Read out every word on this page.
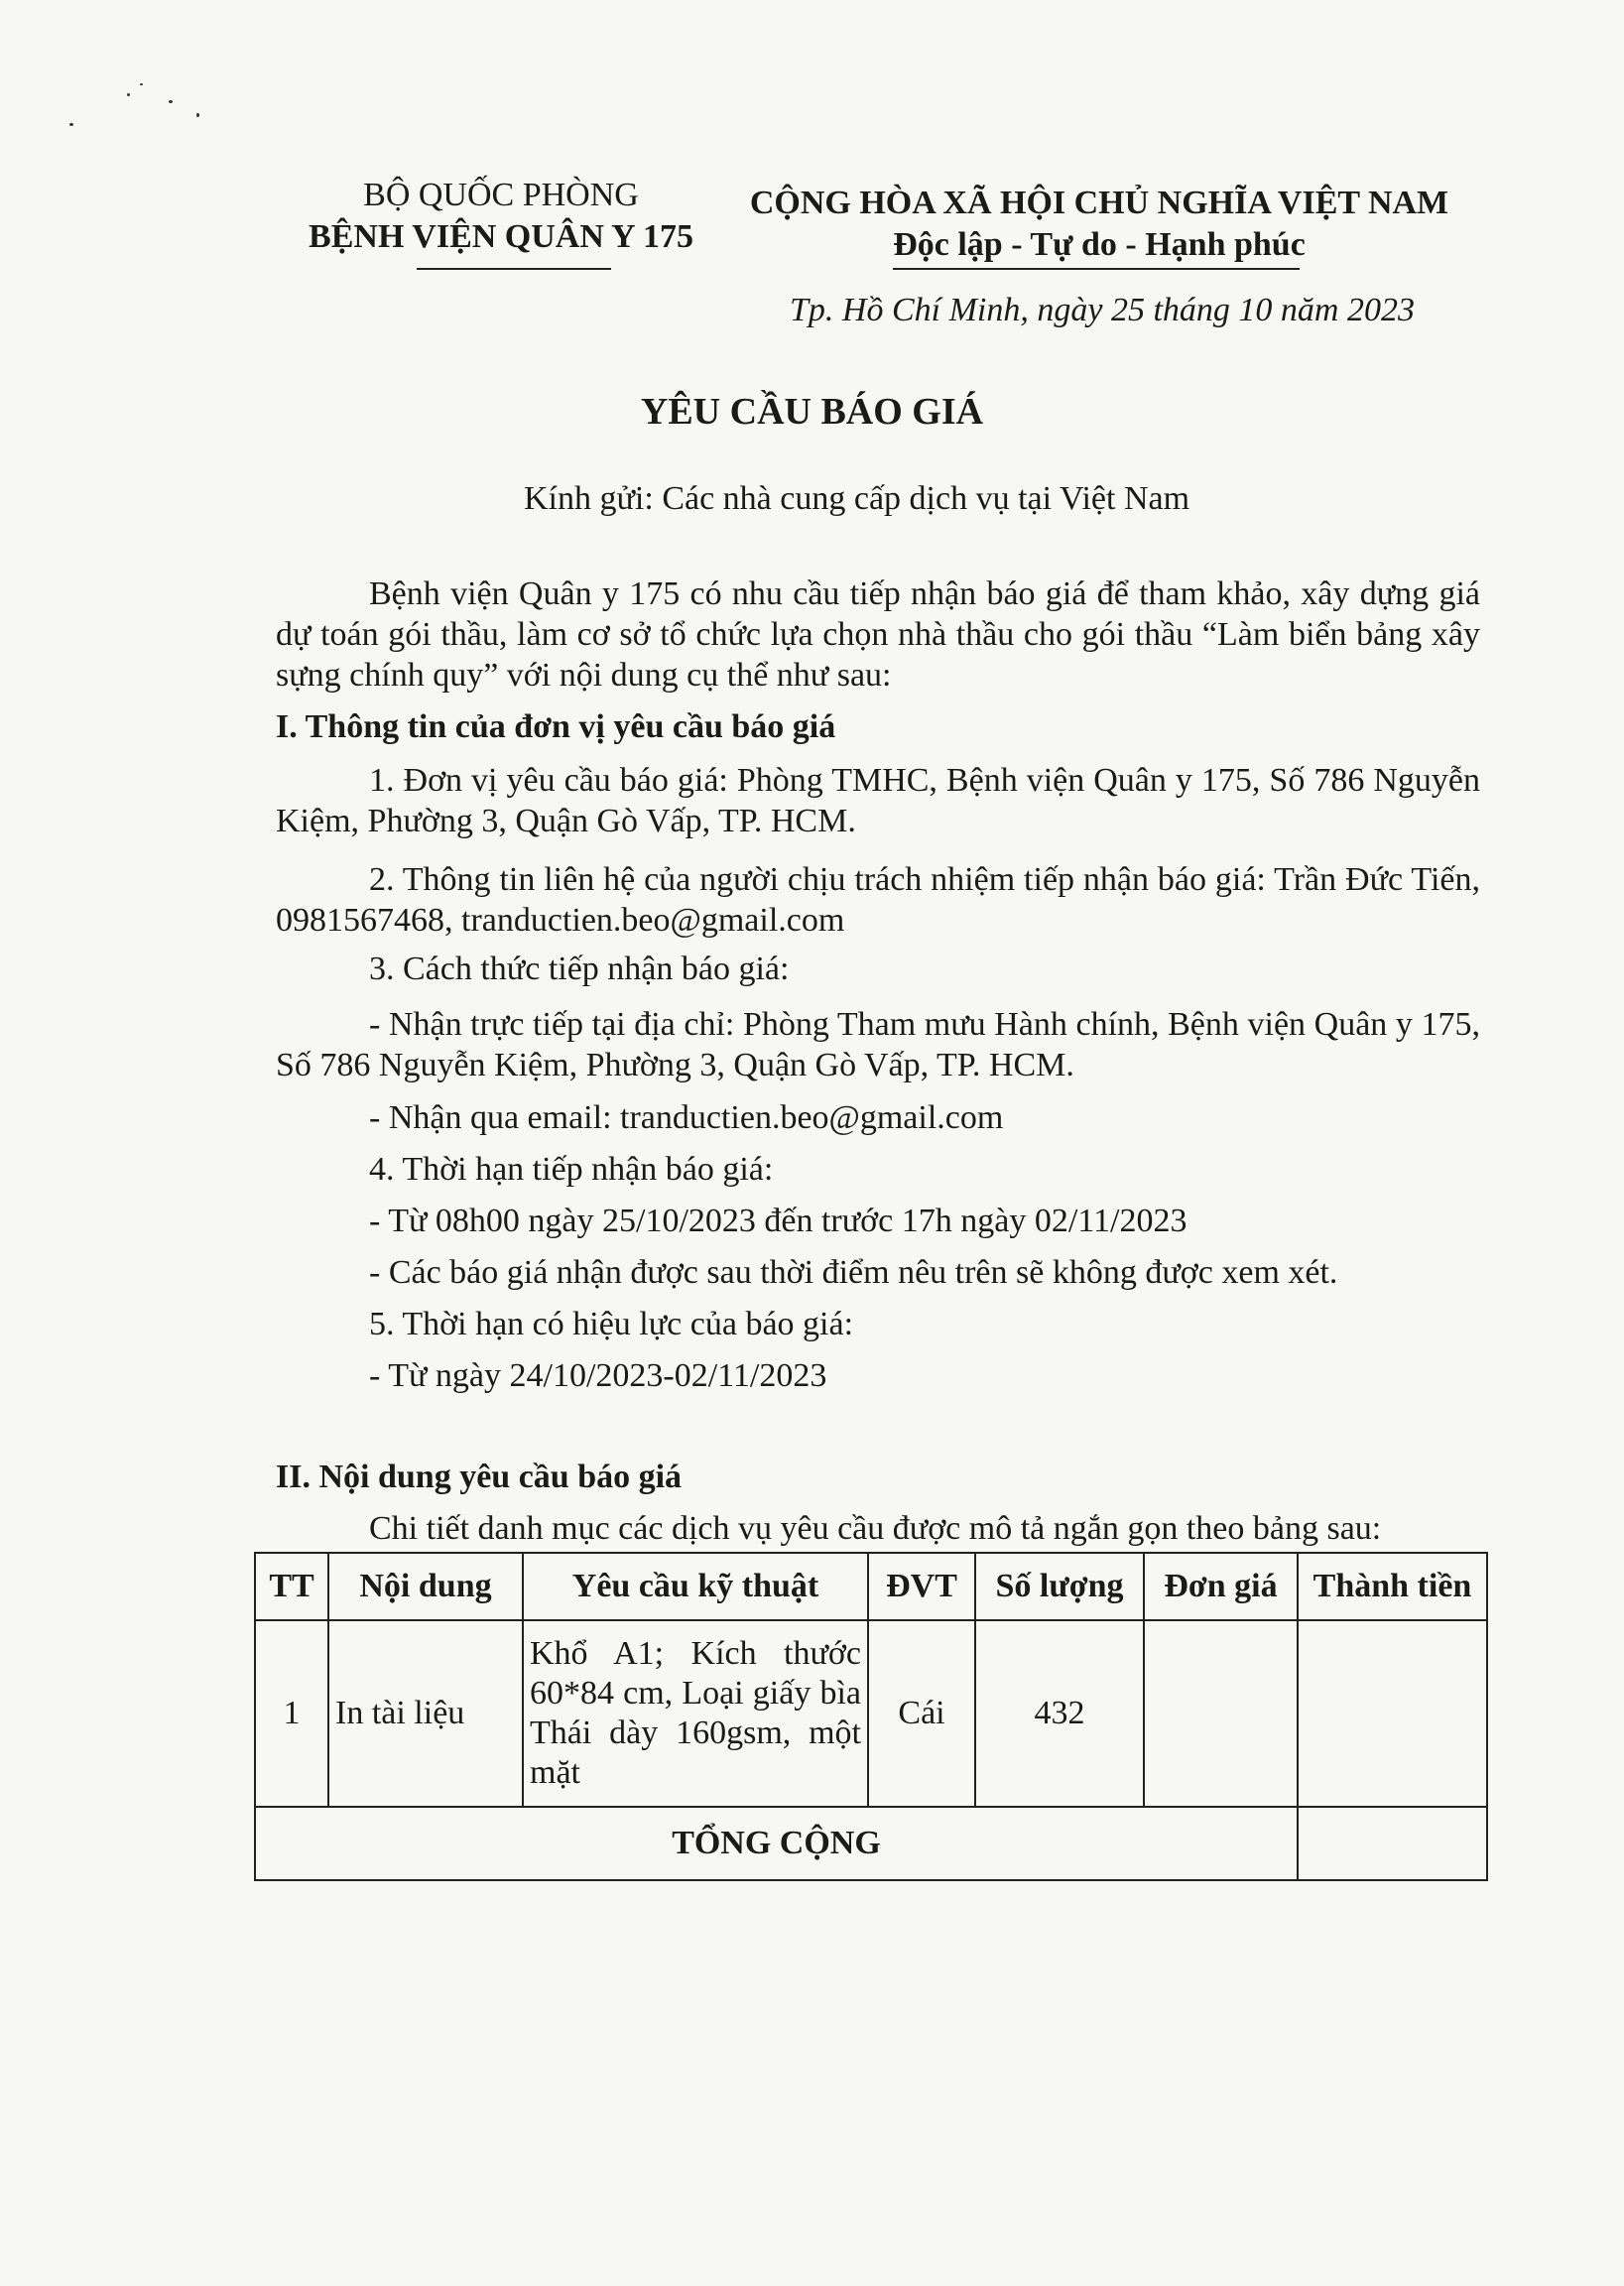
BỘ QUỐC PHÒNG
BỆNH VIỆN QUÂN Y 175
CỘNG HÒA XÃ HỘI CHỦ NGHĨA VIỆT NAM
Độc lập - Tự do - Hạnh phúc
Tp. Hồ Chí Minh, ngày 25 tháng 10 năm 2023
YÊU CẦU BÁO GIÁ
Kính gửi: Các nhà cung cấp dịch vụ tại Việt Nam
Bệnh viện Quân y 175 có nhu cầu tiếp nhận báo giá để tham khảo, xây dựng giá dự toán gói thầu, làm cơ sở tổ chức lựa chọn nhà thầu cho gói thầu “Làm biển bảng xây sựng chính quy” với nội dung cụ thể như sau:
I. Thông tin của đơn vị yêu cầu báo giá
1. Đơn vị yêu cầu báo giá: Phòng TMHC, Bệnh viện Quân y 175, Số 786 Nguyễn Kiệm, Phường 3, Quận Gò Vấp, TP. HCM.
2. Thông tin liên hệ của người chịu trách nhiệm tiếp nhận báo giá: Trần Đức Tiến, 0981567468, tranductien.beo@gmail.com
3. Cách thức tiếp nhận báo giá:
- Nhận trực tiếp tại địa chỉ: Phòng Tham mưu Hành chính, Bệnh viện Quân y 175, Số 786 Nguyễn Kiệm, Phường 3, Quận Gò Vấp, TP. HCM.
- Nhận qua email: tranductien.beo@gmail.com
4. Thời hạn tiếp nhận báo giá:
- Từ 08h00 ngày 25/10/2023 đến trước 17h ngày 02/11/2023
- Các báo giá nhận được sau thời điểm nêu trên sẽ không được xem xét.
5. Thời hạn có hiệu lực của báo giá:
- Từ ngày 24/10/2023-02/11/2023
II. Nội dung yêu cầu báo giá
Chi tiết danh mục các dịch vụ yêu cầu được mô tả ngắn gọn theo bảng sau:
TT	Nội dung	Yêu cầu kỹ thuật	ĐVT	Số lượng	Đơn giá	Thành tiền
1	In tài liệu	Khổ A1; Kích thước 60*84 cm, Loại giấy bìa Thái dày 160gsm, một mặt	Cái	432		
TỔNG CỘNG						
